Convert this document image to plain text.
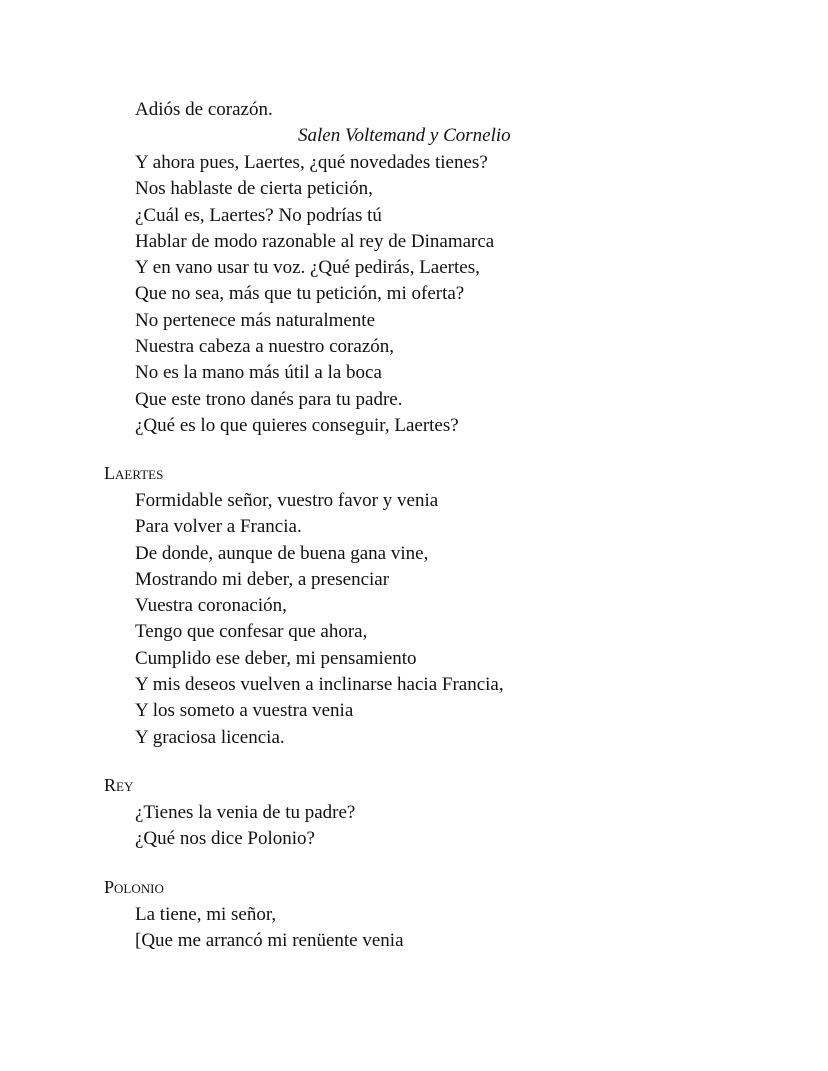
Adiós de corazón.
Salen Voltemand y Cornelio
Y ahora pues, Laertes, ¿qué novedades tienes?
Nos hablaste de cierta petición,
¿Cuál es, Laertes? No podrías tú
Hablar de modo razonable al rey de Dinamarca
Y en vano usar tu voz. ¿Qué pedirás, Laertes,
Que no sea, más que tu petición, mi oferta?
No pertenece más naturalmente
Nuestra cabeza a nuestro corazón,
No es la mano más útil a la boca
Que este trono danés para tu padre.
¿Qué es lo que quieres conseguir, Laertes?
Laertes
Formidable señor, vuestro favor y venia
Para volver a Francia.
De donde, aunque de buena gana vine,
Mostrando mi deber, a presenciar
Vuestra coronación,
Tengo que confesar que ahora,
Cumplido ese deber, mi pensamiento
Y mis deseos vuelven a inclinarse hacia Francia,
Y los someto a vuestra venia
Y graciosa licencia.
Rey
¿Tienes la venia de tu padre?
¿Qué nos dice Polonio?
Polonio
La tiene, mi señor,
[Que me arrancó mi renüente venia
